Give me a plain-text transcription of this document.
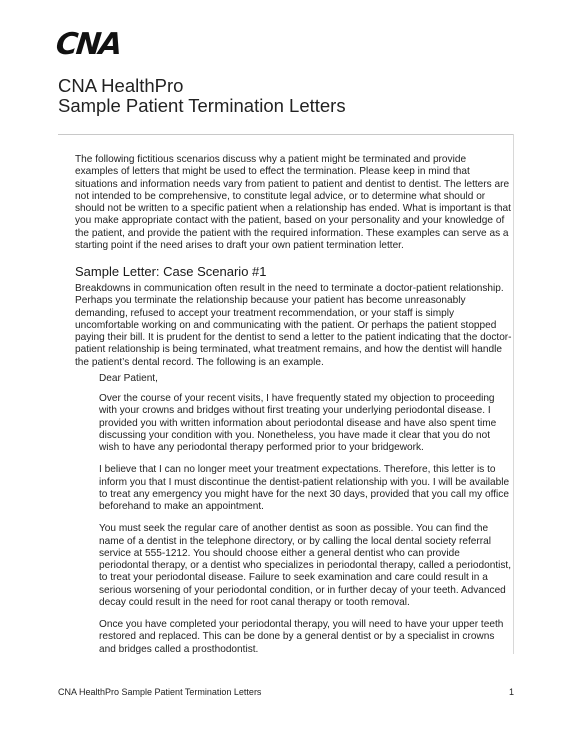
CNA
CNA HealthPro
Sample Patient Termination Letters

The following fictitious scenarios discuss why a patient might be terminated and provide examples of letters that might be used to effect the termination. Please keep in mind that situations and information needs vary from patient to patient and dentist to dentist. The letters are not intended to be comprehensive, to constitute legal advice, or to determine what should or should not be written to a specific patient when a relationship has ended. What is important is that you make appropriate contact with the patient, based on your personality and your knowledge of the patient, and provide the patient with the required information. These examples can serve as a starting point if the need arises to draft your own patient termination letter.

Sample Letter: Case Scenario #1

Breakdowns in communication often result in the need to terminate a doctor-patient relationship. Perhaps you terminate the relationship because your patient has become unreasonably demanding, refused to accept your treatment recommendation, or your staff is simply uncomfortable working on and communicating with the patient. Or perhaps the patient stopped paying their bill. It is prudent for the dentist to send a letter to the patient indicating that the doctor-patient relationship is being terminated, what treatment remains, and how the dentist will handle the patient’s dental record. The following is an example.

Dear Patient,

Over the course of your recent visits, I have frequently stated my objection to proceeding with your crowns and bridges without first treating your underlying periodontal disease. I provided you with written information about periodontal disease and have also spent time discussing your condition with you. Nonetheless, you have made it clear that you do not wish to have any periodontal therapy performed prior to your bridgework.

I believe that I can no longer meet your treatment expectations. Therefore, this letter is to inform you that I must discontinue the dentist-patient relationship with you. I will be available to treat any emergency you might have for the next 30 days, provided that you call my office beforehand to make an appointment.

You must seek the regular care of another dentist as soon as possible. You can find the name of a dentist in the telephone directory, or by calling the local dental society referral service at 555-1212. You should choose either a general dentist who can provide periodontal therapy, or a dentist who specializes in periodontal therapy, called a periodontist, to treat your periodontal disease. Failure to seek examination and care could result in a serious worsening of your periodontal condition, or in further decay of your teeth. Advanced decay could result in the need for root canal therapy or tooth removal.

Once you have completed your periodontal therapy, you will need to have your upper teeth restored and replaced. This can be done by a general dentist or by a specialist in crowns and bridges called a prosthodontist.

CNA HealthPro Sample Patient Termination Letters	1
